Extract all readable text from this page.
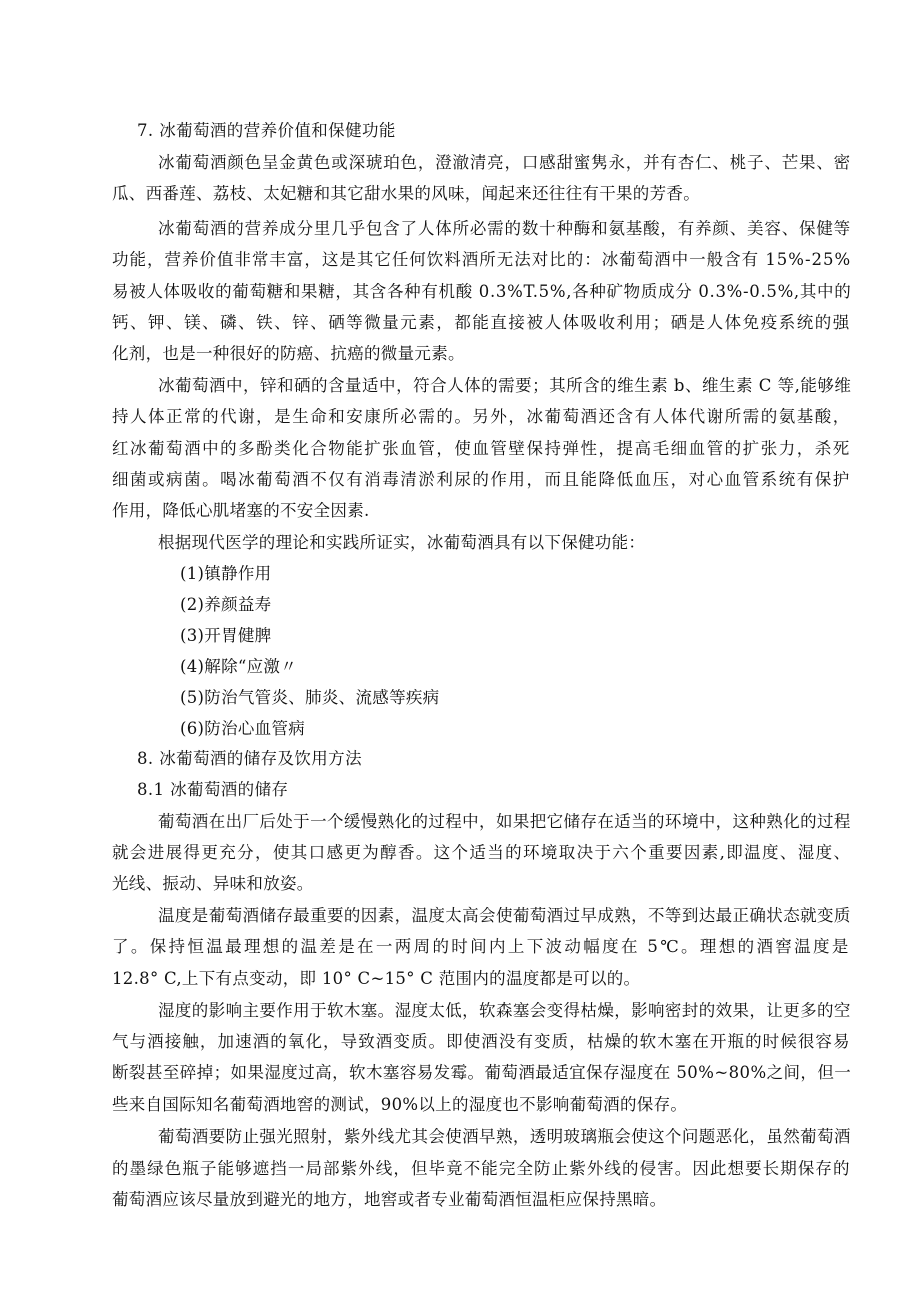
7. 冰葡萄酒的营养价值和保健功能
冰葡萄酒颜色呈金黄色或深琥珀色，澄澈清亮，口感甜蜜隽永，并有杏仁、桃子、芒果、密
瓜、西番莲、荔枝、太妃糖和其它甜水果的风味，闻起来还往往有干果的芳香。
冰葡萄酒的营养成分里几乎包含了人体所必需的数十种酶和氨基酸，有养颜、美容、保健等
功能，营养价值非常丰富，这是其它任何饮料酒所无法对比的：冰葡萄酒中一般含有 15%-25%
易被人体吸收的葡萄糖和果糖，其含各种有机酸 0.3%T.5%,各种矿物质成分 0.3%-0.5%,其中的
钙、钾、镁、磷、铁、锌、硒等微量元素，都能直接被人体吸收利用；硒是人体免疫系统的强
化剂，也是一种很好的防癌、抗癌的微量元素。
冰葡萄酒中，锌和硒的含量适中，符合人体的需要；其所含的维生素 b、维生素 C 等,能够维
持人体正常的代谢，是生命和安康所必需的。另外，冰葡萄酒还含有人体代谢所需的氨基酸，
红冰葡萄酒中的多酚类化合物能扩张血管，使血管壁保持弹性，提高毛细血管的扩张力，杀死
细菌或病菌。喝冰葡萄酒不仅有消毒清淤利尿的作用，而且能降低血压，对心血管系统有保护
作用，降低心肌堵塞的不安全因素.
根据现代医学的理论和实践所证实，冰葡萄酒具有以下保健功能：
(1)镇静作用
(2)养颜益寿
(3)开胃健脾
(4)解除“应激〃
(5)防治气管炎、肺炎、流感等疾病
(6)防治心血管病
8. 冰葡萄酒的储存及饮用方法
8.1 冰葡萄酒的储存
葡萄酒在出厂后处于一个缓慢熟化的过程中，如果把它储存在适当的环境中，这种熟化的过程
就会进展得更充分，使其口感更为醇香。这个适当的环境取决于六个重要因素,即温度、湿度、
光线、振动、异味和放姿。
温度是葡萄酒储存最重要的因素，温度太高会使葡萄酒过早成熟，不等到达最正确状态就变质
了。保持恒温最理想的温差是在一两周的时间内上下波动幅度在 5℃。理想的酒窖温度是
12.8° C,上下有点变动，即 10° C~15° C 范围内的温度都是可以的。
湿度的影响主要作用于软木塞。湿度太低，软森塞会变得枯燥，影响密封的效果，让更多的空
气与酒接触，加速酒的氧化，导致酒变质。即使酒没有变质，枯燥的软木塞在开瓶的时候很容易
断裂甚至碎掉；如果湿度过高，软木塞容易发霉。葡萄酒最适宜保存湿度在 50%~80%之间，但一
些来自国际知名葡萄酒地窖的测试，90%以上的湿度也不影响葡萄酒的保存。
葡萄酒要防止强光照射，紫外线尤其会使酒早熟，透明玻璃瓶会使这个问题恶化，虽然葡萄酒
的墨绿色瓶子能够遮挡一局部紫外线，但毕竟不能完全防止紫外线的侵害。因此想要长期保存的
葡萄酒应该尽量放到避光的地方，地窖或者专业葡萄酒恒温柜应保持黑暗。
